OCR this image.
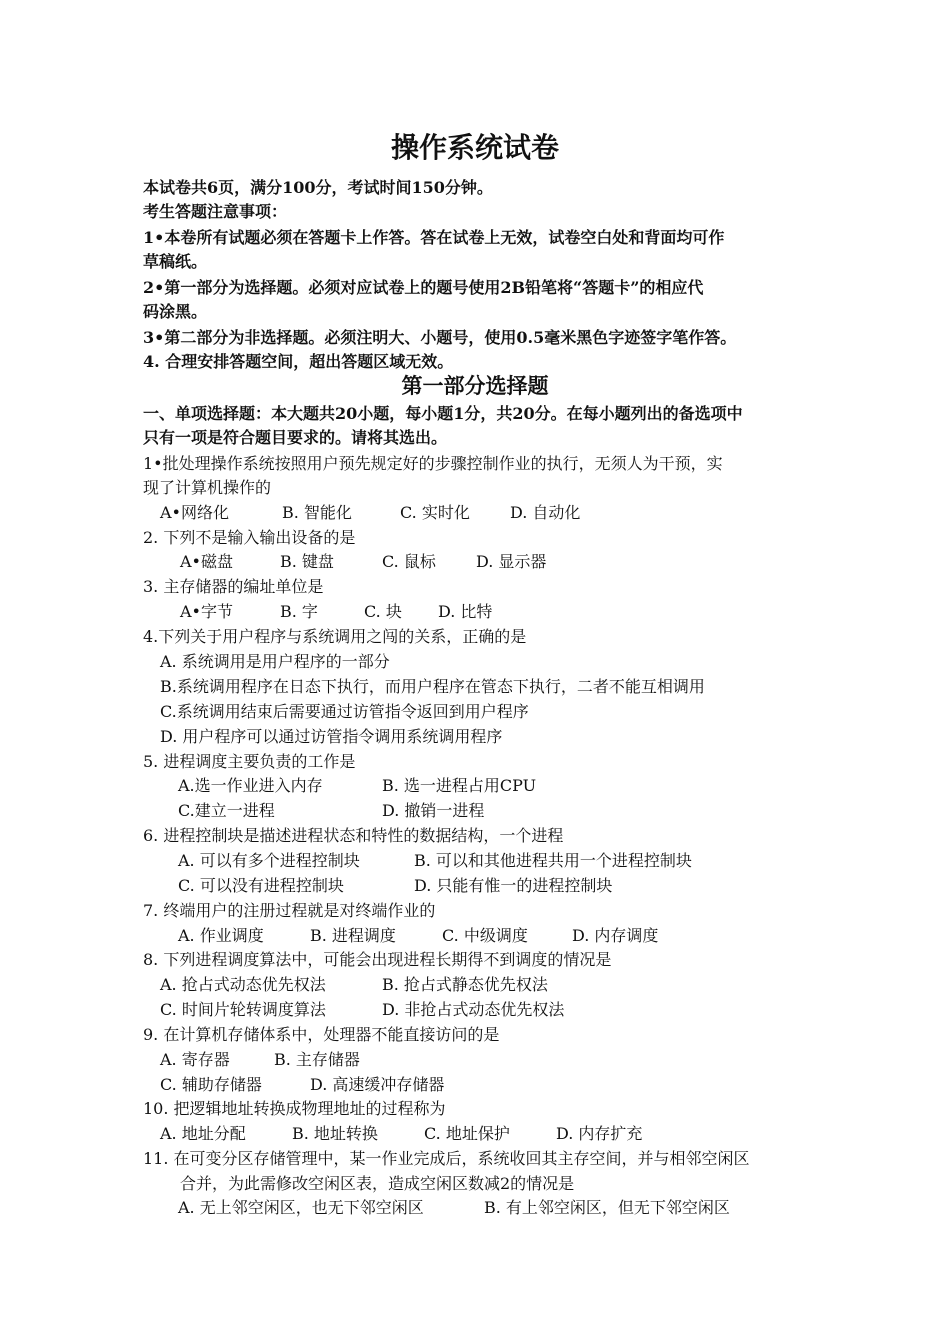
操作系统试卷
本试卷共6页，满分100分，考试时间150分钟。
考生答题注意事项：
1•本卷所有试题必须在答题卡上作答。答在试卷上无效，试卷空白处和背面均可作
草稿纸。
2•第一部分为选择题。必须对应试卷上的题号使用2B铅笔将“答题卡”的相应代
码涂黑。
3•第二部分为非选择题。必须注明大、小题号，使用0.5毫米黑色字迹签字笔作答。
4. 合理安排答题空间，超出答题区域无效。
第一部分选择题
一、单项选择题：本大题共20小题，每小题1分，共20分。在每小题列出的备选项中
只有一项是符合题目要求的。请将其选出。
1•批处理操作系统按照用户预先规定好的步骤控制作业的执行，无须人为干预，实
现了计算机操作的
A•网络化	B. 智能化	C. 实时化	D. 自动化
2. 下列不是输入输出设备的是
A•磁盘	B. 键盘	C. 鼠标	D. 显示器
3. 主存储器的编址单位是
A•字节	B. 字	C. 块 D. 比特
4.下列关于用户程序与系统调用之闯的关系，正确的是
A. 系统调用是用户程序的一部分
B.系统调用程序在日态下执行，而用户程序在管态下执行，二者不能互相调用
C.系统调用结束后需要通过访管指令返回到用户程序
D. 用户程序可以通过访管指令调用系统调用程序
5. 进程调度主要负责的工作是
A.选一作业进入内存	B. 选一进程占用CPU
C.建立一进程	D. 撤销一进程
6. 进程控制块是描述进程状态和特性的数据结构，一个进程
A. 可以有多个进程控制块	B. 可以和其他进程共用一个进程控制块
C. 可以没有进程控制块	D. 只能有惟一的进程控制块
7. 终端用户的注册过程就是对终端作业的
A. 作业调度	B. 进程调度	C. 中级调度	D. 内存调度
8. 下列进程调度算法中，可能会出现进程长期得不到调度的情况是
A. 抢占式动态优先权法	B. 抢占式静态优先权法
C. 时间片轮转调度算法	D. 非抢占式动态优先权法
9. 在计算机存储体系中，处理器不能直接访问的是
A. 寄存器	B. 主存储器
C. 辅助存储器	D. 高速缓冲存储器
10. 把逻辑地址转换成物理地址的过程称为
A. 地址分配	B. 地址转换	C. 地址保护	D. 内存扩充
11. 在可变分区存储管理中，某一作业完成后，系统收回其主存空间，并与相邻空闲区
合并，为此需修改空闲区表，造成空闲区数减2的情况是
A. 无上邻空闲区，也无下邻空闲区	B. 有上邻空闲区，但无下邻空闲区
